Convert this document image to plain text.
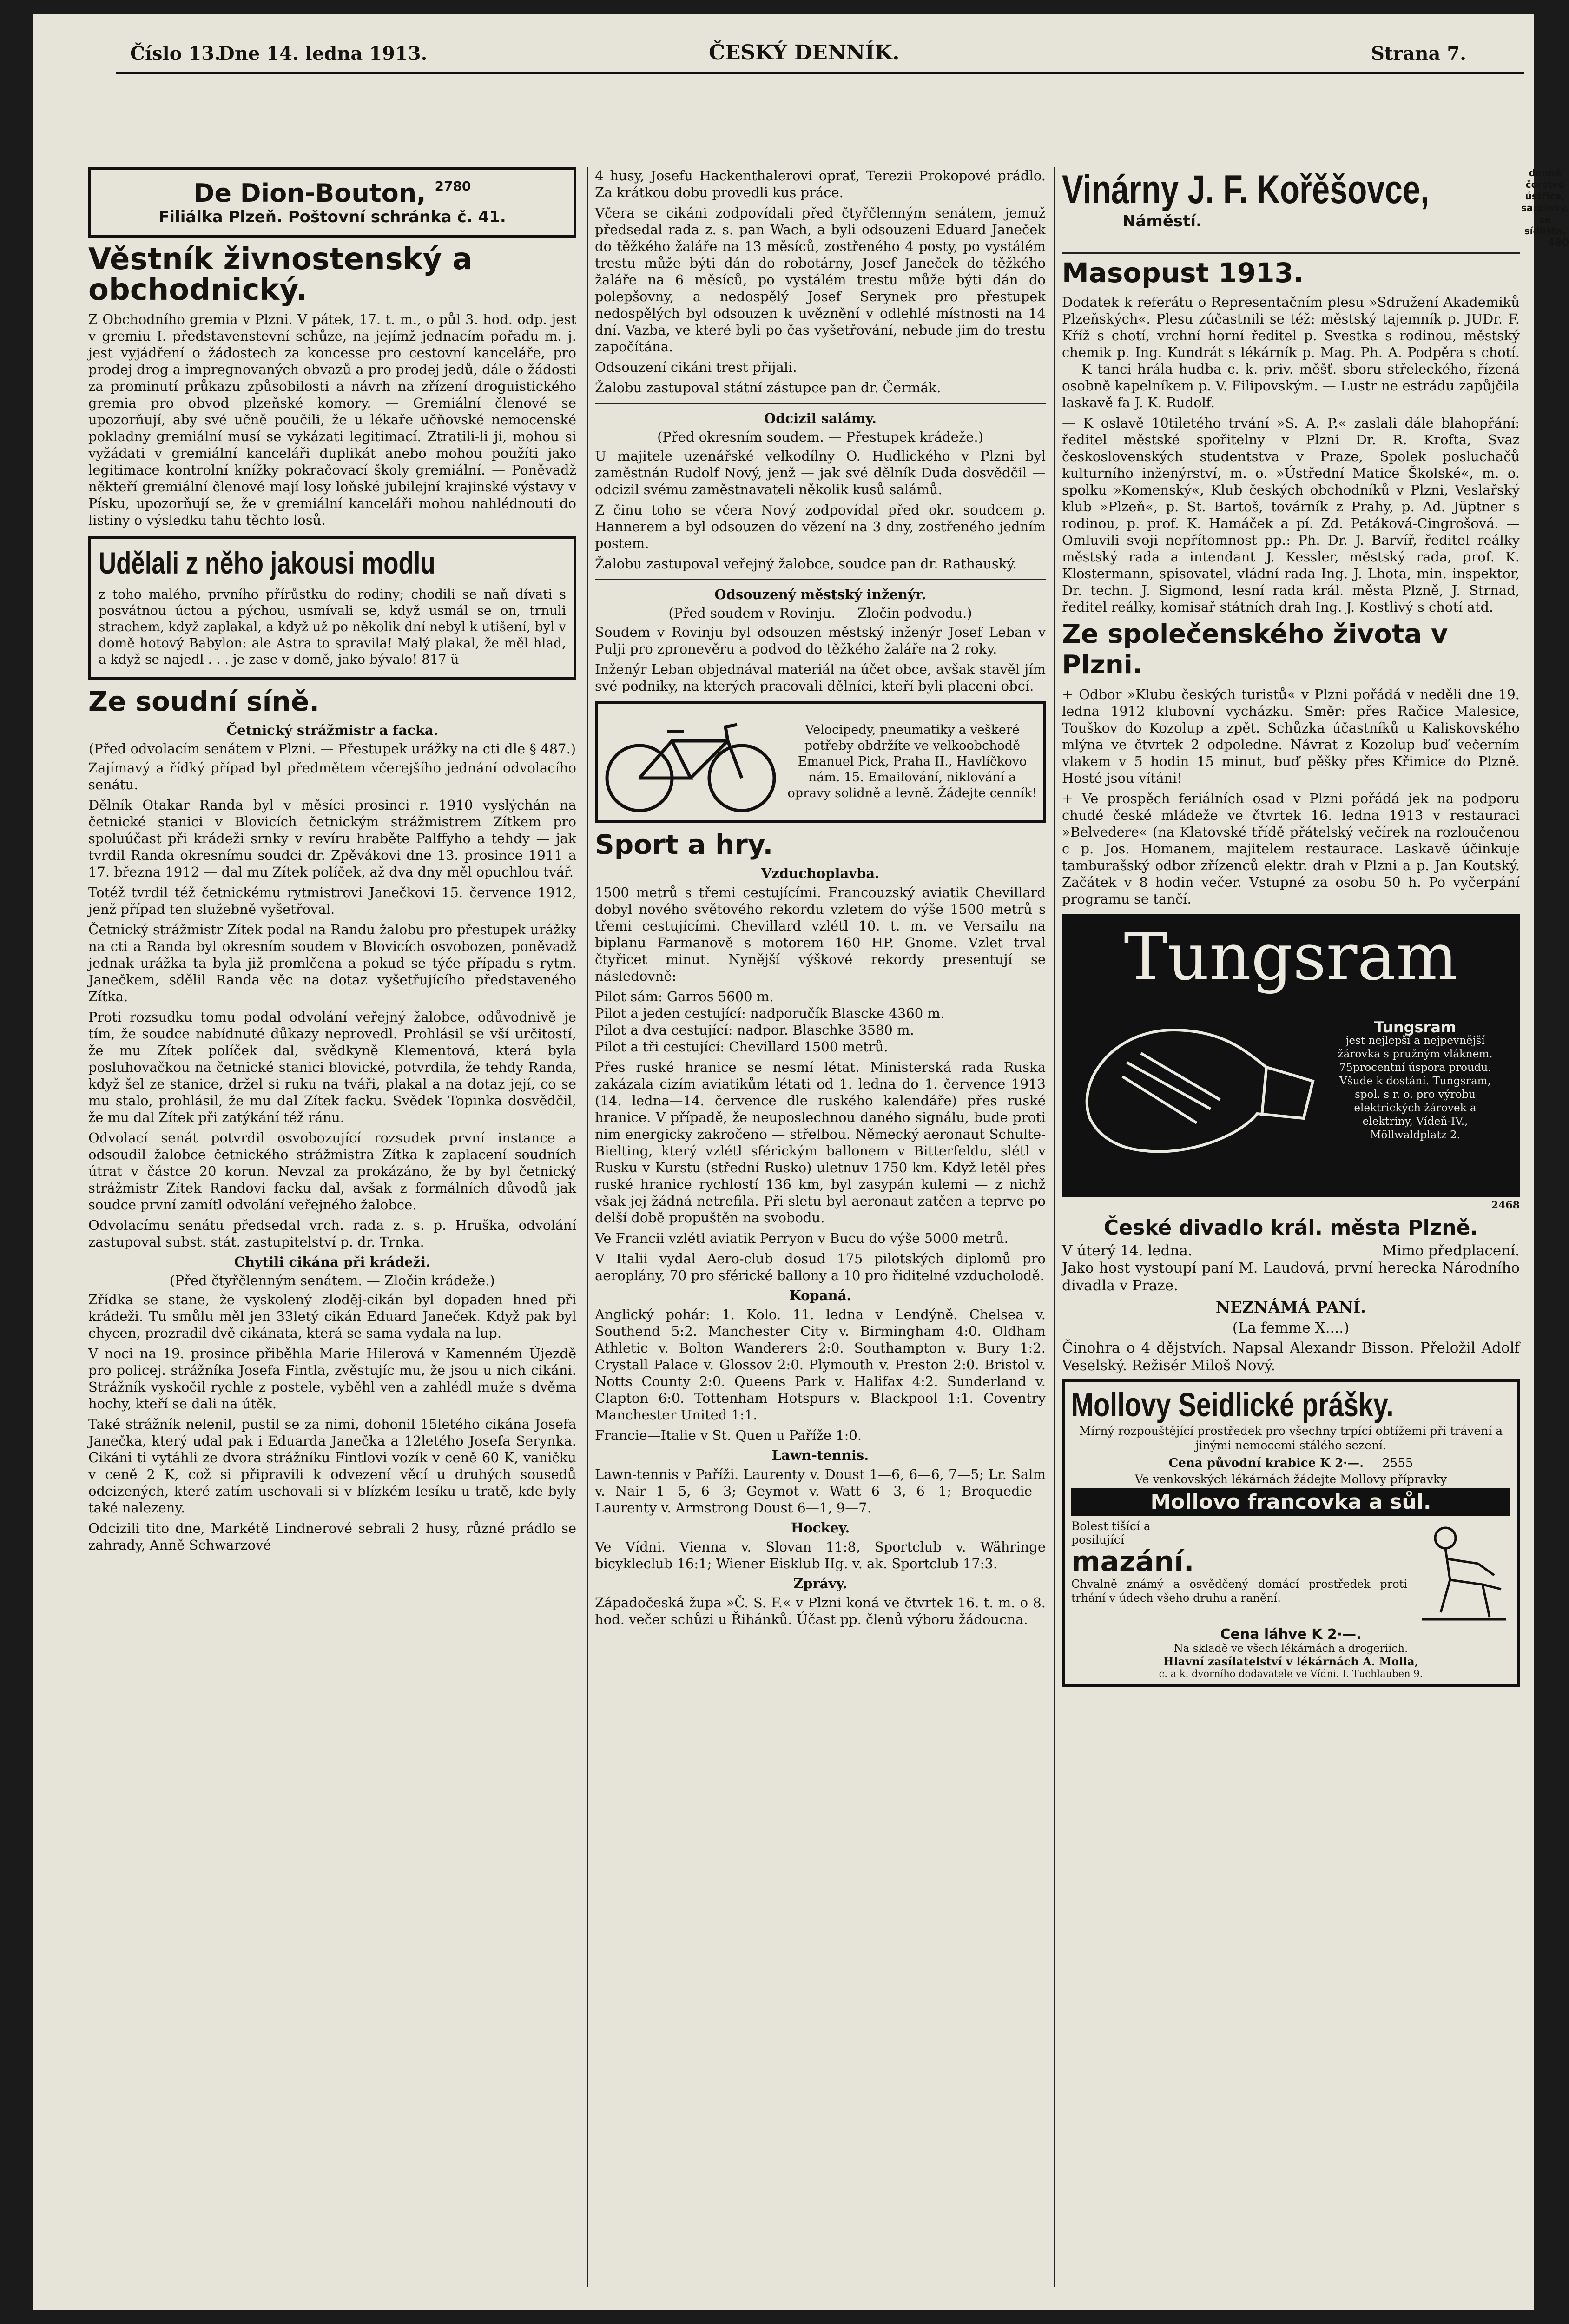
Číslo 13.
Dne 14. ledna 1913.	ČESKÝ DENNÍK.	Strana 7.
De Dion-Bouton, $^{2780}$
Filiálka Plzeň. Poštovní schránka č. 41.
Věstník živnostenský a obchodnický.

Z Obchodního gremia v Plzni. V pátek, 17. t. m., o půl 3. hod. odp. jest v gremiu I. představenstevní schůze, na jejímž jednacím pořadu m. j. jest vyjádření o žádostech za koncesse pro cestovní kanceláře, pro prodej drog a impregnovaných obvazů a pro prodej jedů, dále o žádosti za prominutí průkazu způsobilosti a návrh na zřízení droguistického gremia pro obvod plzeňské komory. — Gremiální členové se upozorňují, aby své učně poučili, že u lékaře učňovské nemocenské pokladny gremiální musí se vykázati legitimací. Ztratili-li ji, mohou si vyžádati v gremiální kanceláři duplikát anebo mohou použíti jako legitimace kontrolní knížky pokračovací školy gremiální. — Poněvadž někteří gremiální členové mají losy loňské jubilejní krajinské výstavy v Písku, upozorňují se, že v gremiální kanceláři mohou nahlédnouti do listiny o výsledku tahu těchto losů.

Udělali z něho jakousi modlu

z toho malého, prvního přírůstku do rodiny; chodili se naň dívati s posvátnou úctou a pýchou, usmívali se, když usmál se on, trnuli strachem, když zaplakal, a když už po několik dní nebyl k utišení, byl v domě hotový Babylon: ale Astra to spravila! Malý plakal, že měl hlad, a když se najedl . . . je zase v domě, jako bývalo! 817 ü

Ze soudní síně.
Četnický strážmistr a facka.
(Před odvolacím senátem v Plzni. — Přestupek urážky na cti dle § 487.)

Zajímavý a řídký případ byl předmětem včerejšího jednání odvolacího senátu.

Dělník Otakar Randa byl v měsíci prosinci r. 1910 vyslýchán na četnické stanici v Blovicích četnickým strážmistrem Zítkem pro spoluúčast při krádeži srnky v revíru hraběte Palffyho a tehdy — jak tvrdil Randa okresnímu soudci dr. Zpěvákovi dne 13. prosince 1911 a 17. března 1912 — dal mu Zítek políček, až dva dny měl opuchlou tvář.

Totéž tvrdil též četnickému rytmistrovi Janečkovi 15. července 1912, jenž případ ten služebně vyšetřoval.

Četnický strážmistr Zítek podal na Randu žalobu pro přestupek urážky na cti a Randa byl okresním soudem v Blovicích osvobozen, poněvadž jednak urážka ta byla již promlčena a pokud se týče případu s rytm. Janečkem, sdělil Randa věc na dotaz vyšetřujícího představeného Zítka.

Proti rozsudku tomu podal odvolání veřejný žalobce, odůvodnivě je tím, že soudce nabídnuté důkazy neprovedl. Prohlásil se vší určitostí, že mu Zítek políček dal, svědkyně Klementová, která byla posluhovačkou na četnické stanici blovické, potvrdila, že tehdy Randa, když šel ze stanice, držel si ruku na tváři, plakal a na dotaz její, co se mu stalo, prohlásil, že mu dal Zítek facku. Svědek Topinka dosvědčil, že mu dal Zítek při zatýkání též ránu.

Odvolací senát potvrdil osvobozující rozsudek první instance a odsoudil žalobce četnického strážmistra Zítka k zaplacení soudních útrat v částce 20 korun. Nevzal za prokázáno, že by byl četnický strážmistr Zítek Randovi facku dal, avšak z formálních důvodů jak soudce první zamítl odvolání veřejného žalobce.

Odvolacímu senátu předsedal vrch. rada z. s. p. Hruška, odvolání zastupoval subst. stát. zastupitelství p. dr. Trnka.

Chytili cikána při krádeži.
(Před čtyřčlenným senátem. — Zločin krádeže.)

Zřídka se stane, že vyskolený zloděj-cikán byl dopaden hned při krádeži. Tu smůlu měl jen 33letý cikán Eduard Janeček. Když pak byl chycen, prozradil dvě cikánata, která se sama vydala na lup.

V noci na 19. prosince přiběhla Marie Hilerová v Kamenném Újezdě pro policej. strážníka Josefa Fintla, zvěstujíc mu, že jsou u nich cikáni. Strážník vyskočil rychle z postele, vyběhl ven a zahlédl muže s dvěma hochy, kteří se dali na útěk.

Také strážník nelenil, pustil se za nimi, dohonil 15letého cikána Josefa Janečka, který udal pak i Eduarda Janečka a 12letého Josefa Serynka. Cikáni ti vytáhli ze dvora strážníku Fintlovi vozík v ceně 60 K, vaničku v ceně 2 K, což si připravili k odvezení věcí u druhých sousedů odcizených, které zatím uschovali si v blízkém lesíku u tratě, kde byly také nalezeny.

Odcizili tito dne, Markétě Lindnerové sebrali 2 husy, různé prádlo se zahrady, Anně Schwarzové

4 husy, Josefu Hackenthalerovi oprať, Terezii Prokopové prádlo. Za krátkou dobu provedli kus práce.

Včera se cikáni zodpovídali před čtyřčlenným senátem, jemuž předsedal rada z. s. pan Wach, a byli odsouzeni Eduard Janeček do těžkého žaláře na 13 měsíců, zostřeného 4 posty, po vystálém trestu může býti dán do robotárny, Josef Janeček do těžkého žaláře na 6 měsíců, po vystálém trestu může býti dán do polepšovny, a nedospělý Josef Serynek pro přestupek nedospělých byl odsouzen k uvěznění v odlehlé místnosti na 14 dní. Vazba, ve které byli po čas vyšetřování, nebude jim do trestu započítána.

Odsouzení cikáni trest přijali.

Žalobu zastupoval státní zástupce pan dr. Čermák.

Odcizil salámy.
(Před okresním soudem. — Přestupek krádeže.)

U majitele uzenářské velkodílny O. Hudlického v Plzni byl zaměstnán Rudolf Nový, jenž — jak své dělník Duda dosvědčil — odcizil svému zaměstnavateli několik kusů salámů.

Z činu toho se včera Nový zodpovídal před okr. soudcem p. Hannerem a byl odsouzen do vězení na 3 dny, zostřeného jedním postem.

Žalobu zastupoval veřejný žalobce, soudce pan dr. Rathauský.

Odsouzený městský inženýr.
(Před soudem v Rovinju. — Zločin podvodu.)

Soudem v Rovinju byl odsouzen městský inženýr Josef Leban v Pulji pro zpronevěru a podvod do těžkého žaláře na 2 roky.

Inženýr Leban objednával materiál na účet obce, avšak stavěl jím své podniky, na kterých pracovali dělníci, kteří byli placeni obcí.

Velocipedy, pneumatiky a veškeré potřeby obdržíte ve velkoobchodě Emanuel Pick, Praha II., Havlíčkovo nám. 15. Emailování, niklování a opravy solidně a levně. Žádejte cenník!

Sport a hry.
Vzduchoplavba.

1500 metrů s třemi cestujícími. Francouzský aviatik Chevillard dobyl nového světového rekordu vzletem do výše 1500 metrů s třemi cestujícími. Chevillard vzlétl 10. t. m. ve Versailu na biplanu Farmanově s motorem 160 HP. Gnome. Vzlet trval čtyřicet minut. Nynější výškové rekordy presentují se následovně:

Pilot sám: Garros 5600 m.

Pilot a jeden cestující: nadporučík Blascke 4360 m.

Pilot a dva cestující: nadpor. Blaschke 3580 m.

Pilot a tři cestující: Chevillard 1500 metrů.

Přes ruské hranice se nesmí létat. Ministerská rada Ruska zakázala cizím aviatikům létati od 1. ledna do 1. července 1913 (14. ledna—14. července dle ruského kalendáře) přes ruské hranice. V případě, že neuposlechnou daného signálu, bude proti nim energicky zakročeno — střelbou. Německý aeronaut Schulte-Bielting, který vzlétl sférickým ballonem v Bitterfeldu, slétl v Rusku v Kurstu (střední Rusko) uletnuv 1750 km. Když letěl přes ruské hranice rychlostí 136 km, byl zasypán kulemi — z nichž však jej žádná netrefila. Při sletu byl aeronaut zatčen a teprve po delší době propuštěn na svobodu.

Ve Francii vzlétl aviatik Perryon v Bucu do výše 5000 metrů.

V Italii vydal Aero-club dosud 175 pilotských diplomů pro aeroplány, 70 pro sférické ballony a 10 pro řiditelné vzducholodě.

Kopaná.

Anglický pohár: 1. Kolo. 11. ledna v Lendýně. Chelsea v. Southend 5:2. Manchester City v. Birmingham 4:0. Oldham Athletic v. Bolton Wanderers 2:0. Southampton v. Bury 1:2. Crystall Palace v. Glossov 2:0. Plymouth v. Preston 2:0. Bristol v. Notts County 2:0. Queens Park v. Halifax 4:2. Sunderland v. Clapton 6:0. Tottenham Hotspurs v. Blackpool 1:1. Coventry Manchester United 1:1.

Francie—Italie v St. Quen u Paříže 1:0.

Lawn-tennis.

Lawn-tennis v Paříži. Laurenty v. Doust 1—6, 6—6, 7—5; Lr. Salm v. Nair 1—5, 6—3; Geymot v. Watt 6—3, 6—1; Broquedie—Laurenty v. Armstrong Doust 6—1, 9—7.

Hockey.

Ve Vídni. Vienna v. Slovan 11:8, Sportclub v. Währinge bicykleclub 16:1; Wiener Eisklub IIg. v. ak. Sportclub 17:3.

Zprávy.

Západočeská župa »Č. S. F.« v Plzni koná ve čtvrtek 16. t. m. o 8. hod. večer schůzi u Řihánků. Účast pp. členů výboru žádoucna.

Vinárny J. F. Kořěšovce,
Náměstí.
denně čerstvé ústřice, sardinky, ze sídlišťa.
480
Masopust 1913.

Dodatek k referátu o Representačním plesu »Sdružení Akademiků Plzeňských«. Plesu zúčastnili se též: městský tajemník p. JUDr. F. Kříž s chotí, vrchní horní ředitel p. Svestka s rodinou, městský chemik p. Ing. Kundrát s lékárník p. Mag. Ph. A. Podpěra s chotí. — K tanci hrála hudba c. k. priv. měšť. sboru střeleckého, řízená osobně kapelníkem p. V. Filipovským. — Lustr ne estrádu zapůjčila laskavě fa J. K. Rudolf.

— K oslavě 10tiletého trvání »S. A. P.« zaslali dále blahopřání: ředitel městské spořitelny v Plzni Dr. R. Krofta, Svaz československých studentstva v Praze, Spolek posluchačů kulturního inženýrství, m. o. »Ústřední Matice Školské«, m. o. spolku »Komenský«, Klub českých obchodníků v Plzni, Veslařský klub »Plzeň«, p. St. Bartoš, továrník z Prahy, p. Ad. Jüptner s rodinou, p. prof. K. Hamáček a pí. Zd. Petáková-Cingrošová. — Omluvili svoji nepřítomnost pp.: Ph. Dr. J. Barvíř, ředitel reálky městský rada a intendant J. Kessler, městský rada, prof. K. Klostermann, spisovatel, vládní rada Ing. J. Lhota, min. inspektor, Dr. techn. J. Sigmond, lesní rada král. města Plzně, J. Strnad, ředitel reálky, komisař státních drah Ing. J. Kostlivý s chotí atd.

Ze společenského života v Plzni.

+ Odbor »Klubu českých turistů« v Plzni pořádá v neděli dne 19. ledna 1912 klubovní vycházku. Směr: přes Račice Malesice, Touškov do Kozolup a zpět. Schůzka účastníků u Kaliskovského mlýna ve čtvrtek 2 odpoledne. Návrat z Kozolup buď večerním vlakem v 5 hodin 15 minut, buď pěšky přes Křimice do Plzně. Hosté jsou vítáni!

+ Ve prospěch feriálních osad v Plzni pořádá jek na podporu chudé české mládeže ve čtvrtek 16. ledna 1913 v restauraci »Belvedere« (na Klatovské třídě přátelský večírek na rozloučenou c p. Jos. Homanem, majitelem restaurace. Laskavě účinkuje tamburašský odbor zřízenců elektr. drah v Plzni a p. Jan Koutský. Začátek v 8 hodin večer. Vstupné za osobu 50 h. Po vyčerpání programu se tančí.

Tungsram
Tungsram
jest nejlepší a nejpevnější žárovka s pružným vláknem. 75procentní úspora proudu. Všude k dostání. Tungsram, spol. s r. o. pro výrobu elektrických žárovek a elektriny, Vídeň-IV., Möllwaldplatz 2.
2468
České divadlo král. města Plzně.
V úterý 14. ledna.	Mimo předplacení.

Jako host vystoupí paní M. Laudová, první herecka Národního divadla v Praze.

NEZNÁMÁ PANÍ.
(La femme X....)

Činohra o 4 dějstvích. Napsal Alexandr Bisson. Přeložil Adolf Veselský. Režisér Miloš Nový.

Mollovy Seidlické prášky.

Mírný rozpouštějící prostředek pro všechny trpící obtížemi při trávení a jinými nemocemi stálého sezení.

Cena původní krabice K 2·—. 2555

Ve venkovských lékárnách žádejte Mollovy přípravky

Mollovo francovka a sůl.
Bolest tišící a posilující
mazání.

Chvalně známý a osvědčený domácí prostředek proti trhání v údech všeho druhu a ranění.

Cena láhve K 2·—.
Na skladě ve všech lékárnách a drogeriích.
Hlavní zasílatelství v lékárnách A. Molla,
c. a k. dvorního dodavatele ve Vídni. I. Tuchlauben 9.
